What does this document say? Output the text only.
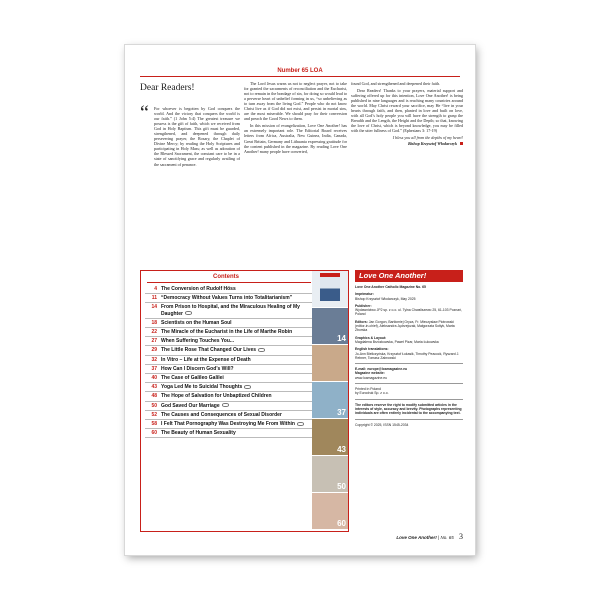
Number 65 LOA
Dear Readers!
“ For whoever is begotten by God conquers the world. And the victory that conquers the world is our faith.” (1 John 5:4) The greatest treasure we possess is the gift of faith, which we received from God in Holy Baptism. This gift must be guarded, strengthened, and deepened through daily persevering prayer, the Rosary, the Chaplet of Divine Mercy; by reading the Holy Scriptures and participating in Holy Mass; as well as adoration of the Blessed Sacrament, the constant care to be in a state of sanctifying grace and regularly availing of the sacrament of penance.

The Lord Jesus warns us not to neglect prayer, not to take for granted the sacraments of reconciliation and the Eucharist, not to remain in the bondage of sin, for doing so would lead to a perverse heart of unbelief forming in us, “so unbelieving as to turn away from the living God.” People who do not know Christ live as if God did not exist, and persist in mortal sins, are the most miserable. We should pray for their conversion and preach the Good News to them.

In this mission of evangelization, Love One Another! has an extremely important role. The Editorial Board receives letters from Africa, Australia, New Guinea, India, Canada, Great Britain, Germany and Lithuania expressing gratitude for the content published in the magazine. By reading Love One Another! many people have converted,

found God, and strengthened and deepened their faith.

Dear Readers! Thanks to your prayers, material support and suffering offered up for this intention, Love One Another! is being published in nine languages and is reaching many countries around the world. May Christ reward your sacrifice, may He “live in your hearts through faith, and then, planted in love and built on love, with all God’s holy people you will have the strength to grasp the Breadth and the Length, the Height and the Depth; so that, knowing the love of Christ, which is beyond knowledge, you may be filled with the utter fullness of God.” (Ephesians 3: 17-19)

I bless you all from the depths of my heart!
Bishop Krzysztof Włodarczyk
Contents
4 The Conversion of Rudolf Höss
11 “Democracy Without Values Turns into Totalitarianism”
14 From Prison to Hospital, and the Miraculous Healing of My Daughter
18 Scientists on the Human Soul
22 The Miracle of the Eucharist in the Life of Marthe Robin
27 When Suffering Touches You...
29 The Little Rose That Changed Our Lives
32 In Vitro – Life at the Expense of Death
37 How Can I Discern God’s Will?
40 The Case of Galileo Galilei
43 Yoga Led Me to Suicidal Thoughts
48 The Hope of Salvation for Unbaptized Children
50 God Saved Our Marriage
52 The Causes and Consequences of Sexual Disorder
58 I Felt That Pornography Was Destroying Me From Within
60 The Beauty of Human Sexuality
14
37
43
50
60
Love One Another!
Love One Another Catholic Magazine No. 65
Imprimatur:
Bishop Krzysztof Włodarczyk, May 2025
Publisher:
Wydawnictwo JP2 sp. z o.o. ul. Tylna Chwaliszewo 25, 61-103 Poznań, Poland
Editors: Jan Gorgon, Bartłomiej Gryza, Fr. Mieczysław Piotrowski (editor-in-chief), Aleksandra Jędrzejczak, Małgorzata Sołtyk, Marta Zborska
Graphics & Layout:
Magdalena Brzózkowska, Paweł Pizar, Maria Łukowska
English translations:
Jo-Ann Bieliczyńska, Krzysztof Łukasik, Timothy Peacock, Ryszard J. Rebner, Tomasz Zabrowski
E-mail: europe@loamagazine.eu
Magazine website:
www.loamagazine.eu
Printed in Poland
by Eurodruk Sp. z o.o.
The editors reserve the right to modify submitted articles in the interests of style, accuracy and brevity. Photographs representing individuals are often entirely incidental to the accompanying text.
Copyright © 2025, ISSN 1545-2034
Love One Another! | No. 65 3
